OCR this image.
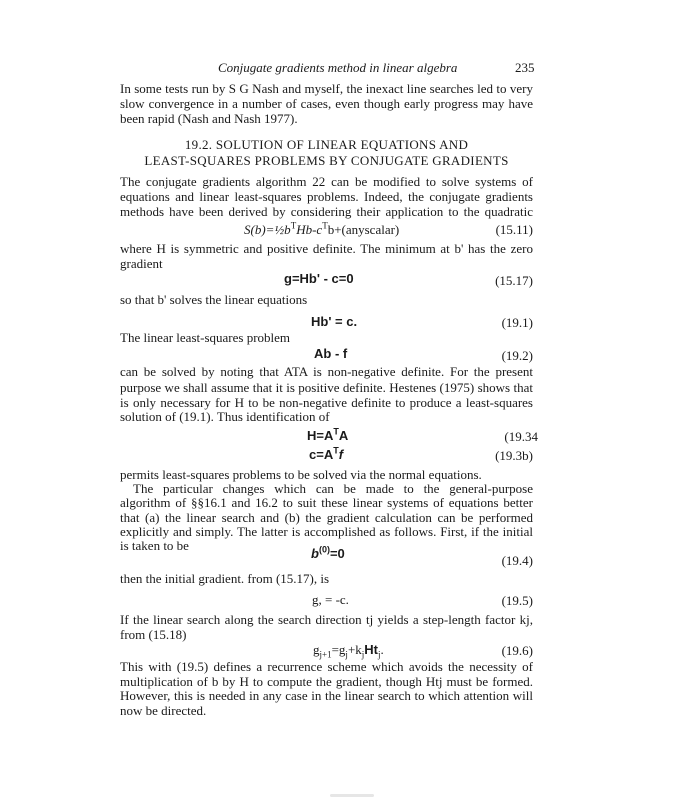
Conjugate gradients method in linear algebra	235
In some tests run by S G Nash and myself, the inexact line searches led to very
slow convergence in a number of cases, even though early progress may have
been rapid (Nash and Nash 1977).
19.2. SOLUTION OF LINEAR EQUATIONS AND
LEAST-SQUARES PROBLEMS BY CONJUGATE GRADIENTS
The conjugate gradients algorithm 22 can be modified to solve systems of
equations and linear least-squares problems. Indeed, the conjugate gradients
methods have been derived by considering their application to the quadratic
$S(b)=\frac{1}{2}b^THb-c^Tb+(anyscalar)$	(15.11)
where H is symmetric and positive definite. The minimum at b' has the zero
gradient
g=Hb' - c=0	(15.17)
so that b' solves the linear equations
Hb' = c.	(19.1)
The linear least-squares problem
Ab - f	(19.2)
can be solved by noting that ATA is non-negative definite. For the present
purpose we shall assume that it is positive definite. Hestenes (1975) shows that
is only necessary for H to be non-negative definite to produce a least-squares
solution of (19.1). Thus identification of
$H=A^TA$	(19.34
$c=A^Tf$	(19.3b)
permits least-squares problems to be solved via the normal equations.
The particular changes which can be made to the general-purpose
algorithm of §§16.1 and 16.2 to suit these linear systems of equations better
that (a) the linear search and (b) the gradient calculation can be performed
explicitly and simply. The latter is accomplished as follows. First, if the initial
is taken to be
$b^{(0)}=0$	(19.4)
then the initial gradient. from (15.17), is
g, = -c.	(19.5)
If the linear search along the search direction tj yields a step-length factor kj,
from (15.18)
$g_{j+1}=g_j+k_jHt_j$.	(19.6)
This with (19.5) defines a recurrence scheme which avoids the necessity of
multiplication of b by H to compute the gradient, though Htj must be formed.
However, this is needed in any case in the linear search to which attention will
now be directed.
